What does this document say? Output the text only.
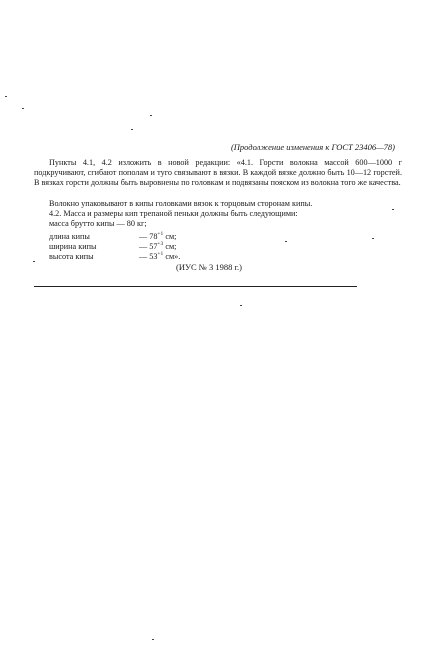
(Продолжение изменения к ГОСТ 23406—78)

Пункты 4.1, 4.2 изложить в новой редакции: «4.1. Горсти волокна массой 600—1000 г подкручивают, сгибают пополам и туго связывают в вязки. В каждой вязке должно быть 10—12 горстей. В вязках горсти должны быть выровнены по головкам и подвязаны пояском из волокна того же качества.

Волокно упаковывают в кипы головками вязок к торцовым сторонам кипы.

4.2. Масса и размеры кип трепаной пеньки должны быть следующими:

масса брутто кипы — 80 кг;
длина кипы	— $78^{+1}$ см;
ширина кипы	— $57^{+3}$ см;
высота кипы	— $53^{+1}$ см».
(ИУС № 3 1988 г.)
